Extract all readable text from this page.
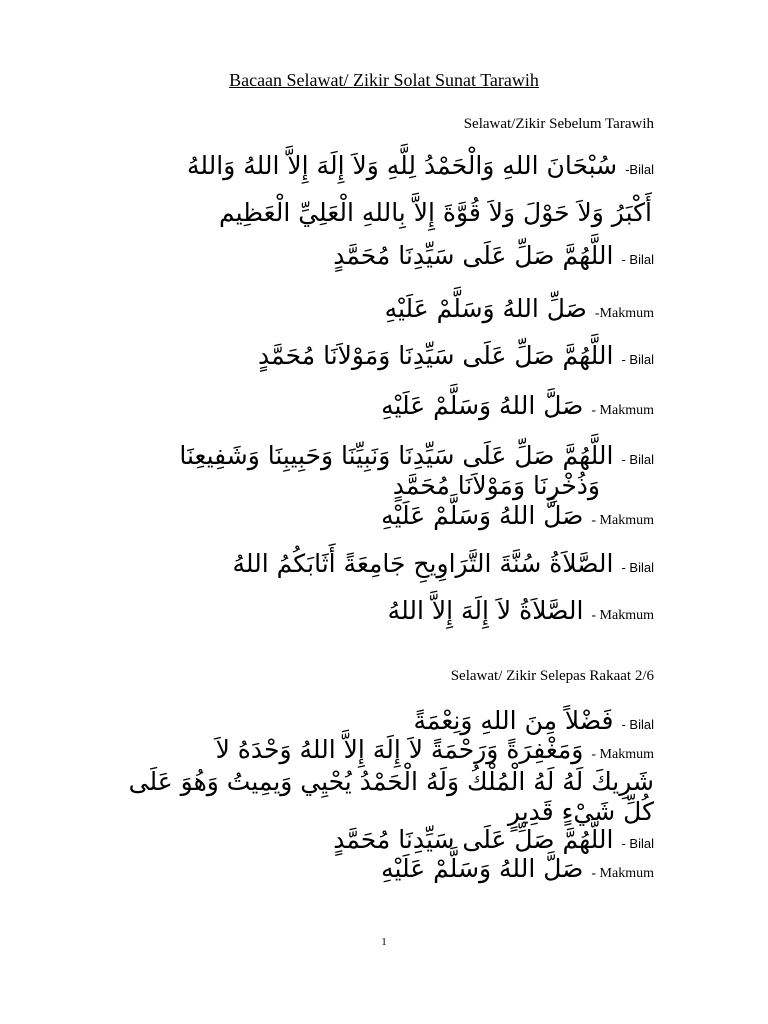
Bacaan Selawat/ Zikir Solat Sunat Tarawih
Selawat/Zikir Sebelum Tarawih
-Bilalسُبْحَانَ اللهِ وَالْحَمْدُ لِلَّهِ وَلاَ إِلَهَ إِلاَّ اللهُ وَاللهُ
أَكْبَرُ وَلاَ حَوْلَ وَلاَ قُوَّةَ إِلاَّ بِاللهِ الْعَلِيِّ الْعَظِيم
- Bilalاللَّهُمَّ صَلِّ عَلَى سَيِّدِنَا مُحَمَّدٍ
-Makmumصَلِّ اللهُ وَسَلَّمْ عَلَيْهِ
- Bilalاللَّهُمَّ صَلِّ عَلَى سَيِّدِنَا وَمَوْلاَنَا مُحَمَّدٍ
- Makmumصَلَّ اللهُ وَسَلَّمْ عَلَيْهِ
- Bilalاللَّهُمَّ صَلِّ عَلَى سَيِّدِنَا وَنَبِيِّنَا وَحَبِيبِنَا وَشَفِيعِنَا
وَذُخْرِنَا وَمَوْلاَنَا مُحَمَّدٍ
- Makmumصَلَّ اللهُ وَسَلَّمْ عَلَيْهِ
- Bilalالصَّلاَةُ سُنَّةَ التَّرَاوِيحِ جَامِعَةً أَثَابَكُمُ اللهُ
- Makmumالصَّلاَةُ لاَ إِلَهَ إِلاَّ اللهُ
Selawat/ Zikir Selepas Rakaat 2/6
- Bilalفَضْلاً مِنَ اللهِ وَنِعْمَةً
- Makmumوَمَغْفِرَةً وَرَحْمَةً لاَ إِلَهَ إِلاَّ اللهُ وَحْدَهُ لاَ
شَرِيكَ لَهُ لَهُ الْمُلْكُ وَلَهُ الْحَمْدُ يُحْيِي وَيمِيتُ وَهُوَ عَلَى
كُلِّ شَيْءٍ قَدِيرٍ
- Bilalاللَّهُمَّ صَلِّ عَلَى سَيِّدِنَا مُحَمَّدٍ
- Makmumصَلَّ اللهُ وَسَلَّمْ عَلَيْهِ
1
